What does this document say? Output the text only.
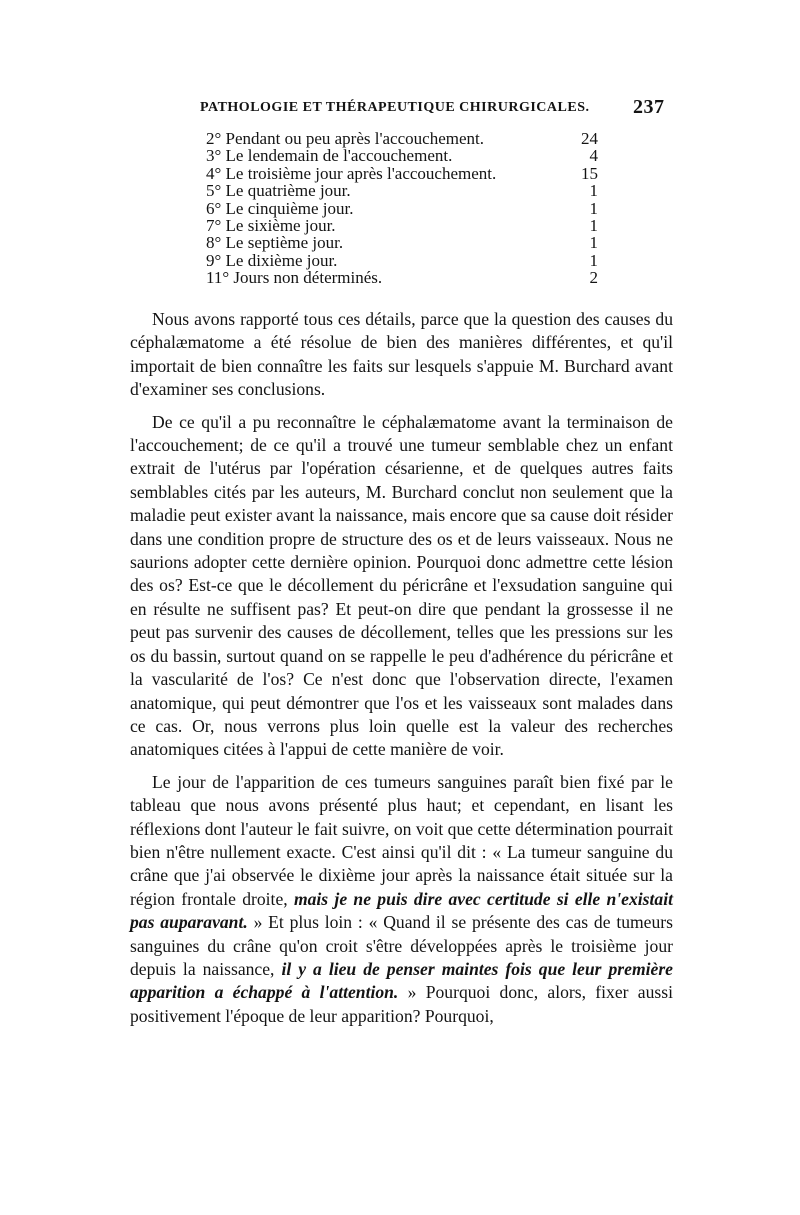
PATHOLOGIE ET THÉRAPEUTIQUE CHIRURGICALES. 237
2° Pendant ou peu après l'accouchement.	24
3° Le lendemain de l'accouchement.	4
4° Le troisième jour après l'accouchement.	15
5° Le quatrième jour.	1
6° Le cinquième jour.	1
7° Le sixième jour.	1
8° Le septième jour.	1
9° Le dixième jour.	1
11° Jours non déterminés.	2

Nous avons rapporté tous ces détails, parce que la question des causes du céphalæmatome a été résolue de bien des manières différentes, et qu'il importait de bien connaître les faits sur lesquels s'appuie M. Burchard avant d'examiner ses conclusions.

De ce qu'il a pu reconnaître le céphalæmatome avant la terminaison de l'accouchement; de ce qu'il a trouvé une tumeur semblable chez un enfant extrait de l'utérus par l'opération césarienne, et de quelques autres faits semblables cités par les auteurs, M. Burchard conclut non seulement que la maladie peut exister avant la naissance, mais encore que sa cause doit résider dans une condition propre de structure des os et de leurs vaisseaux. Nous ne saurions adopter cette dernière opinion. Pourquoi donc admettre cette lésion des os? Est-ce que le décollement du péricrâne et l'exsudation sanguine qui en résulte ne suffisent pas? Et peut-on dire que pendant la grossesse il ne peut pas survenir des causes de décollement, telles que les pressions sur les os du bassin, surtout quand on se rappelle le peu d'adhérence du péricrâne et la vascularité de l'os? Ce n'est donc que l'observation directe, l'examen anatomique, qui peut démontrer que l'os et les vaisseaux sont malades dans ce cas. Or, nous verrons plus loin quelle est la valeur des recherches anatomiques citées à l'appui de cette manière de voir.

Le jour de l'apparition de ces tumeurs sanguines paraît bien fixé par le tableau que nous avons présenté plus haut; et cependant, en lisant les réflexions dont l'auteur le fait suivre, on voit que cette détermination pourrait bien n'être nullement exacte. C'est ainsi qu'il dit : « La tumeur sanguine du crâne que j'ai observée le dixième jour après la naissance était située sur la région frontale droite, mais je ne puis dire avec certitude si elle n'existait pas auparavant. » Et plus loin : « Quand il se présente des cas de tumeurs sanguines du crâne qu'on croit s'être développées après le troisième jour depuis la naissance, il y a lieu de penser maintes fois que leur première apparition a échappé à l'attention. » Pourquoi donc, alors, fixer aussi positivement l'époque de leur apparition? Pourquoi,
